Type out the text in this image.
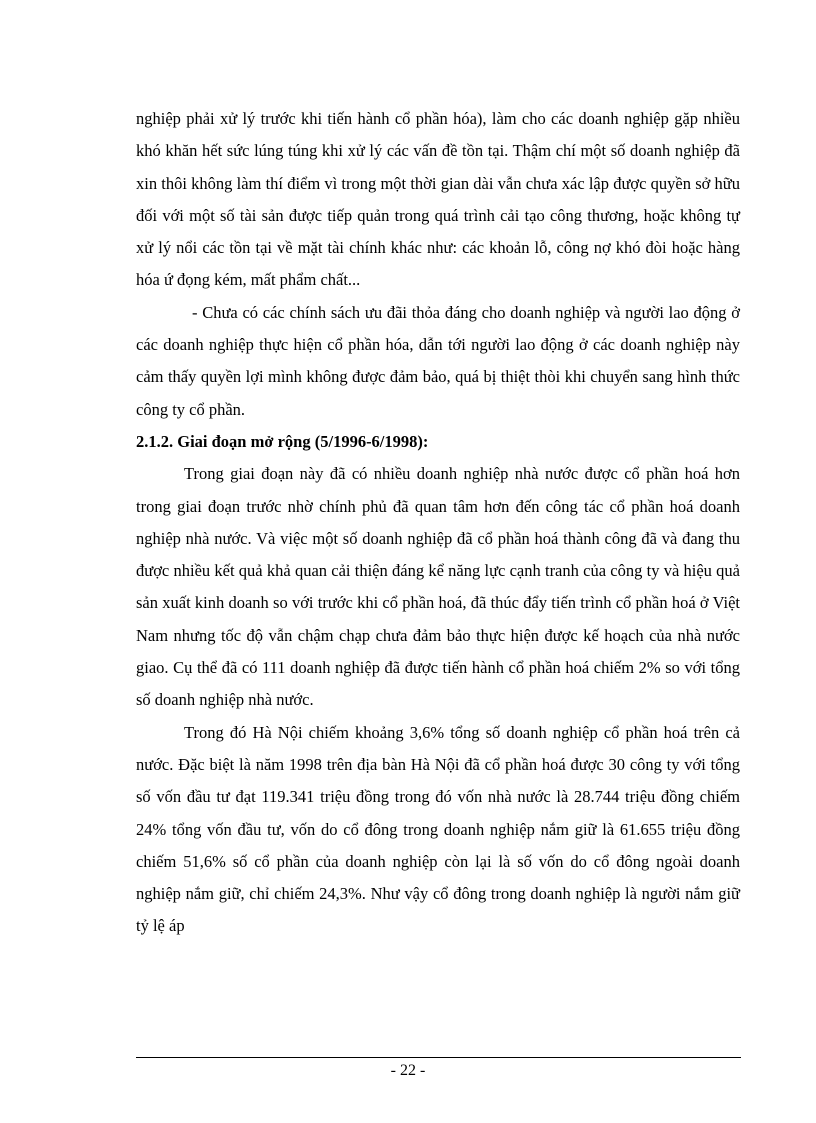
nghiệp phải xử lý trước khi tiến hành cổ phần hóa), làm cho các doanh nghiệp gặp nhiều khó khăn hết sức lúng túng khi xử lý các vấn đề tồn tại. Thậm chí một số doanh nghiệp đã xin thôi không làm thí điểm vì trong một thời gian dài vẫn chưa xác lập được quyền sở hữu đối với một số tài sản được tiếp quản trong quá trình cải tạo công thương, hoặc không tự xử lý nổi các tồn tại về mặt tài chính khác như: các khoản lỗ, công nợ khó đòi hoặc hàng hóa ứ đọng kém, mất phẩm chất...

- Chưa có các chính sách ưu đãi thỏa đáng cho doanh nghiệp và người lao động ở các doanh nghiệp thực hiện cổ phần hóa, dẫn tới người lao động ở các doanh nghiệp này cảm thấy quyền lợi mình không được đảm bảo, quá bị thiệt thòi khi chuyển sang hình thức công ty cổ phần.

2.1.2. Giai đoạn mở rộng (5/1996-6/1998):

Trong giai đoạn này đã có nhiều doanh nghiệp nhà nước được cổ phần hoá hơn trong giai đoạn trước nhờ chính phủ đã quan tâm hơn đến công tác cổ phần hoá doanh nghiệp nhà nước. Và việc một số doanh nghiệp đã cổ phần hoá thành công đã và đang thu được nhiều kết quả khả quan cải thiện đáng kể năng lực cạnh tranh của công ty và hiệu quả sản xuất kinh doanh so với trước khi cổ phần hoá, đã thúc đẩy tiến trình cổ phần hoá ở Việt Nam nhưng tốc độ vẫn chậm chạp chưa đảm bảo thực hiện được kế hoạch của nhà nước giao. Cụ thể đã có 111 doanh nghiệp đã được tiến hành cổ phần hoá chiếm 2% so với tổng số doanh nghiệp nhà nước.

Trong đó Hà Nội chiếm khoảng 3,6% tổng số doanh nghiệp cổ phần hoá trên cả nước. Đặc biệt là năm 1998 trên địa bàn Hà Nội đã cổ phần hoá được 30 công ty với tổng số vốn đầu tư đạt 119.341 triệu đồng trong đó vốn nhà nước là 28.744 triệu đồng chiếm 24% tổng vốn đầu tư, vốn do cổ đông trong doanh nghiệp nắm giữ là 61.655 triệu đồng chiếm 51,6% số cổ phần của doanh nghiệp còn lại là số vốn do cổ đông ngoài doanh nghiệp nắm giữ, chỉ chiếm 24,3%. Như vậy cổ đông trong doanh nghiệp là người nắm giữ tỷ lệ áp

- 22 -
